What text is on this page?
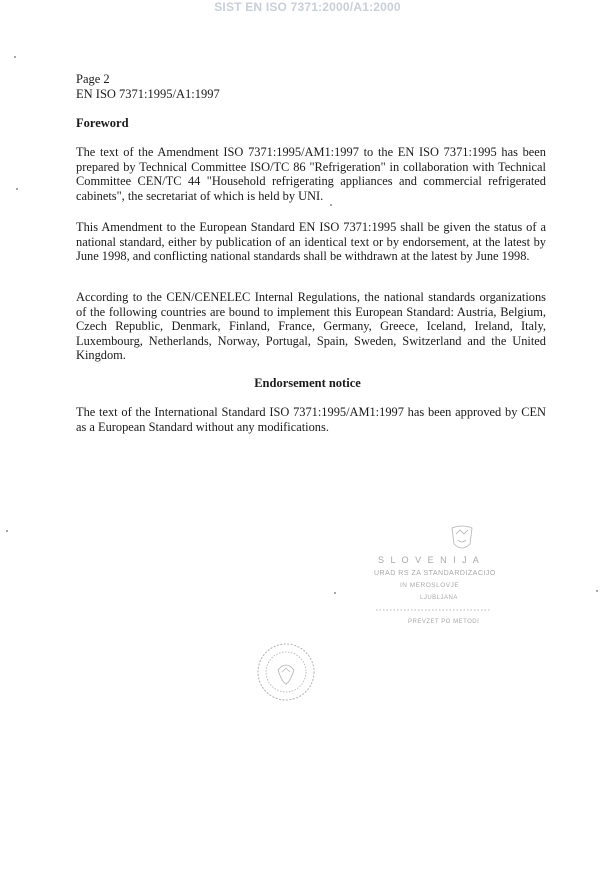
SIST EN ISO 7371:2000/A1:2000
Page 2
EN ISO 7371:1995/A1:1997
Foreword
The text of the Amendment ISO 7371:1995/AM1:1997 to the EN ISO 7371:1995 has been prepared by Technical Committee ISO/TC 86 "Refrigeration" in collaboration with Technical Committee CEN/TC 44 "Household refrigerating appliances and commercial refrigerated cabinets", the secretariat of which is held by UNI.
This Amendment to the European Standard EN ISO 7371:1995 shall be given the status of a national standard, either by publication of an identical text or by endorsement, at the latest by June 1998, and conflicting national standards shall be withdrawn at the latest by June 1998.
According to the CEN/CENELEC Internal Regulations, the national standards organizations of the following countries are bound to implement this European Standard: Austria, Belgium, Czech Republic, Denmark, Finland, France, Germany, Greece, Iceland, Ireland, Italy, Luxembourg, Netherlands, Norway, Portugal, Spain, Sweden, Switzerland and the United Kingdom.
Endorsement notice
The text of the International Standard ISO 7371:1995/AM1:1997 has been approved by CEN as a European Standard without any modifications.
S L O V E N I J A
URAD RS ZA STANDARDIZACIJO
IN MEROSLOVJE
LJUBLJANA
PREVZET PO METODI
